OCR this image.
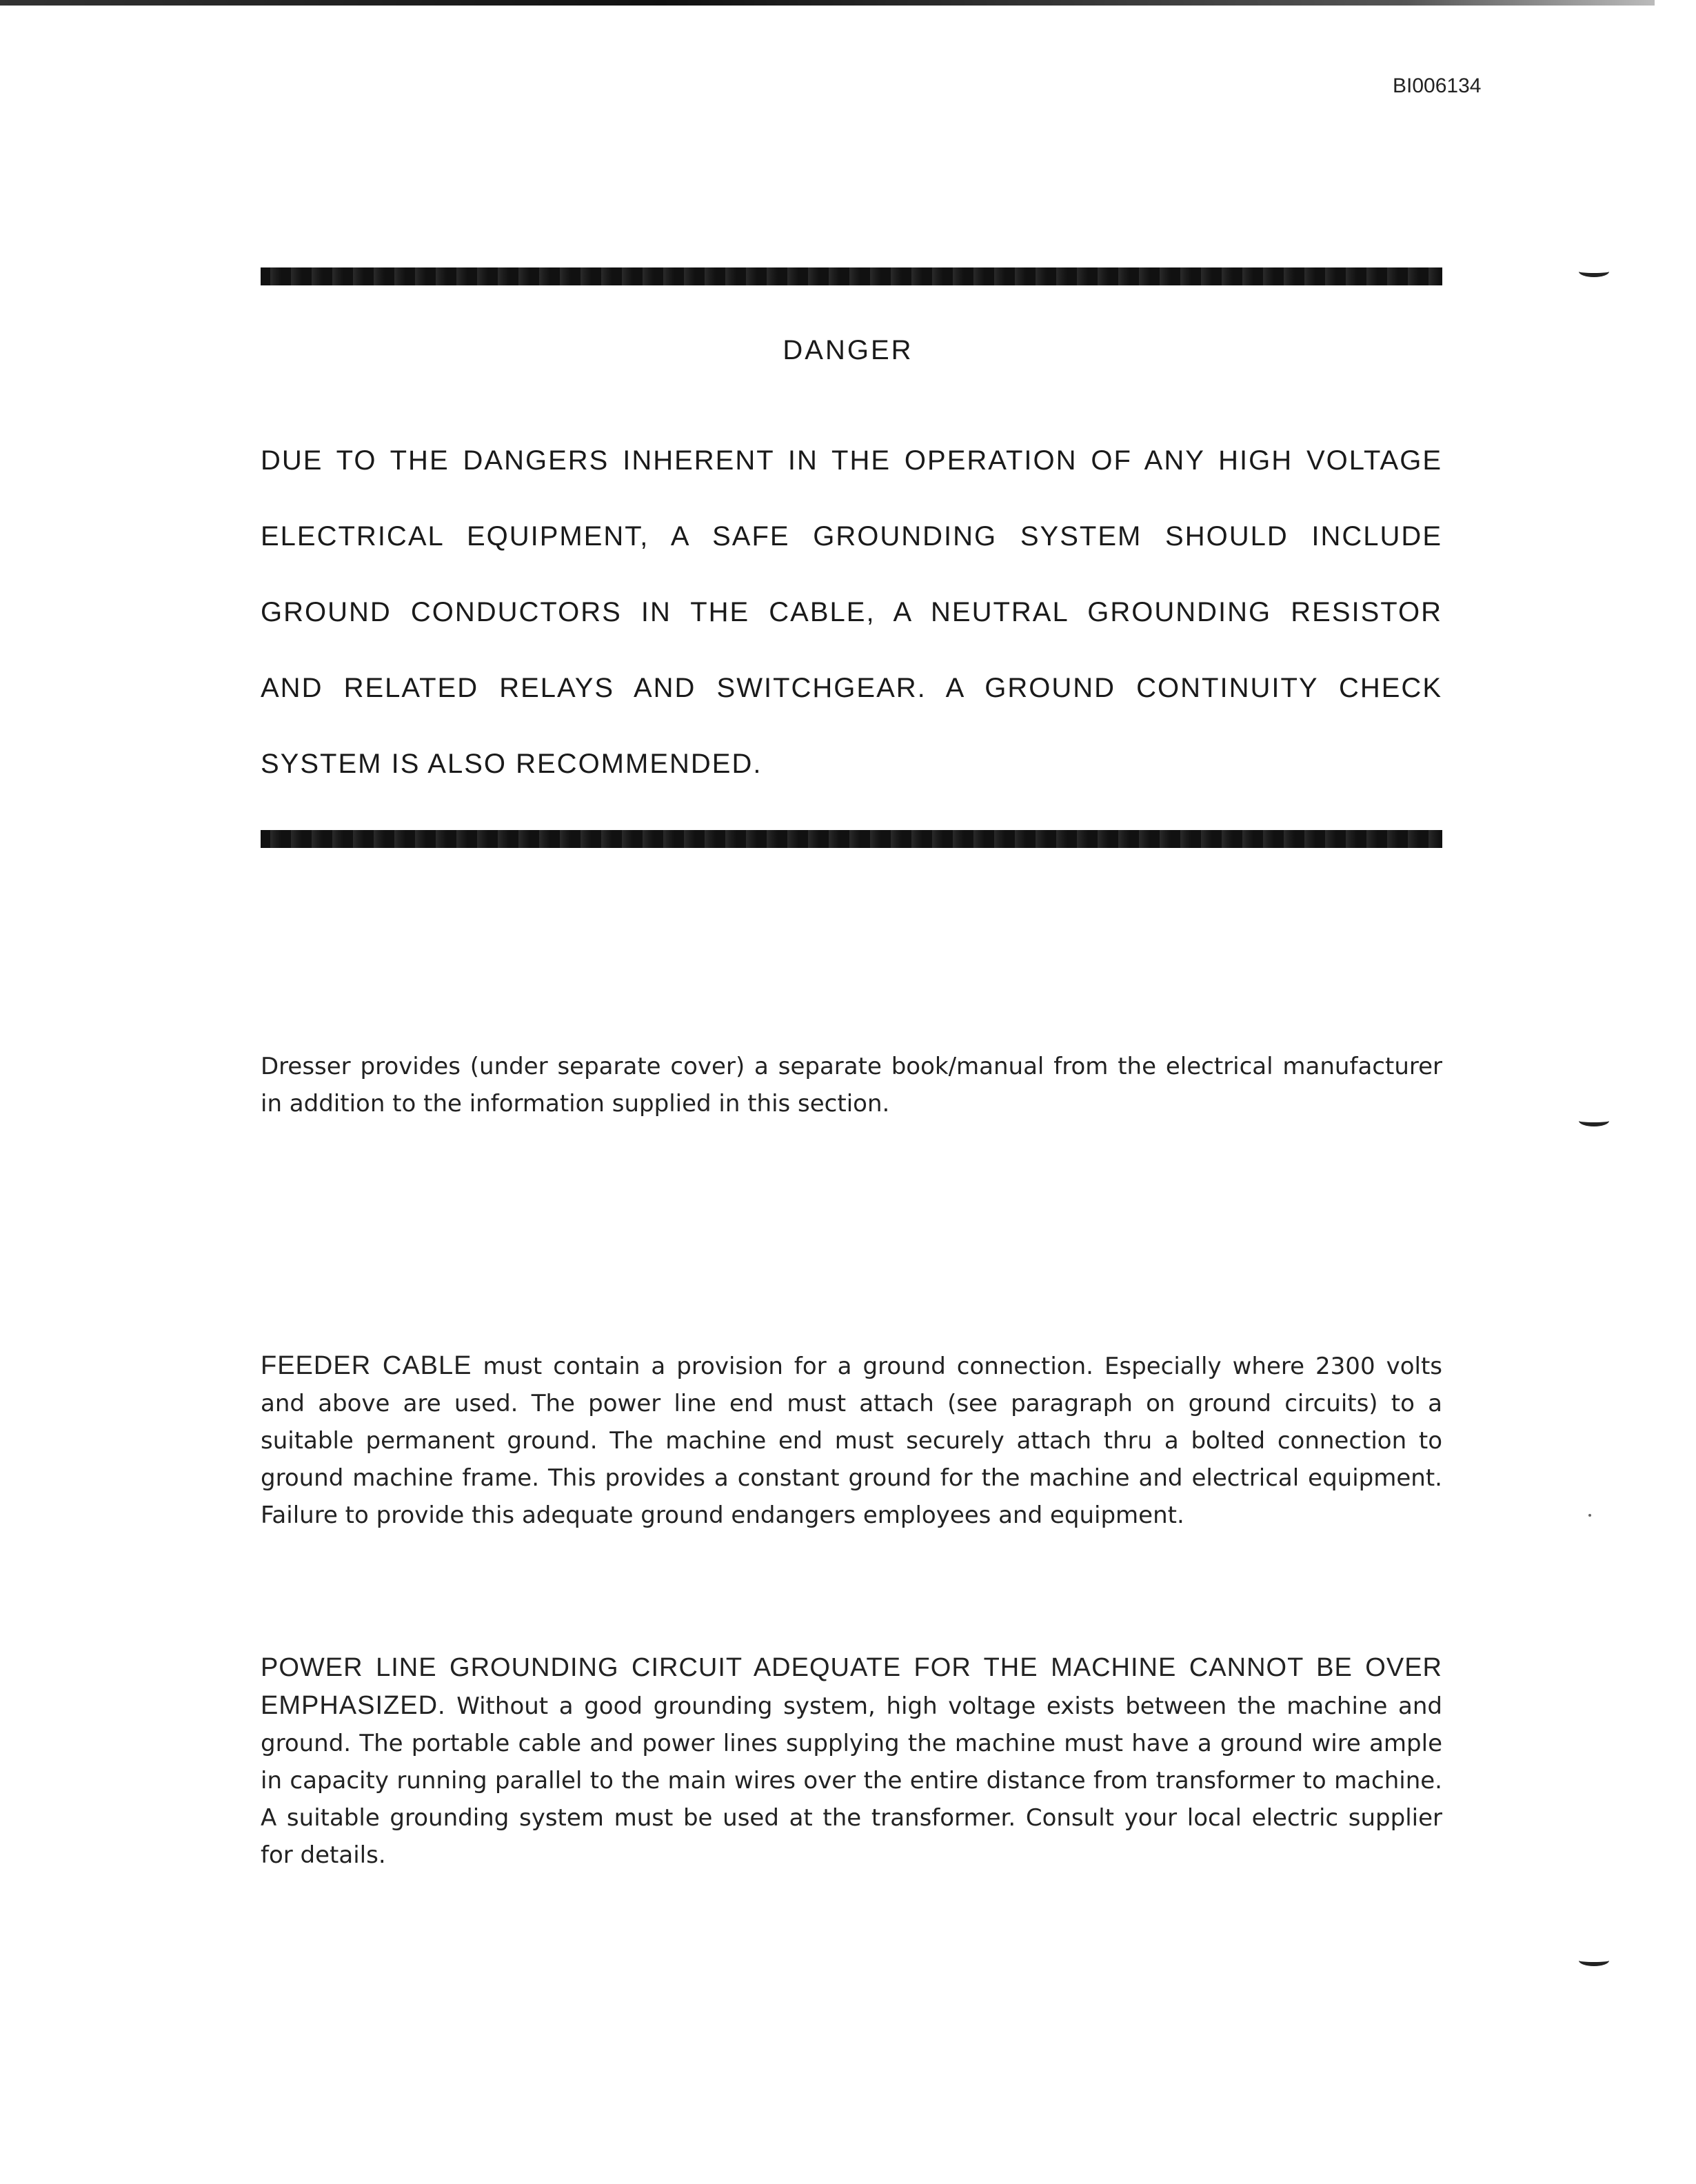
BI006134
DANGER
DUE TO THE DANGERS INHERENT IN THE OPERATION OF ANY HIGH VOLTAGE
ELECTRICAL EQUIPMENT, A SAFE GROUNDING SYSTEM SHOULD INCLUDE
GROUND CONDUCTORS IN THE CABLE, A NEUTRAL GROUNDING RESISTOR
AND RELATED RELAYS AND SWITCHGEAR. A GROUND CONTINUITY CHECK
SYSTEM IS ALSO RECOMMENDED.

Dresser provides (under separate cover) a separate book/manual from the electrical manufacturer in addition to the information supplied in this section.

FEEDER CABLE must contain a provision for a ground connection. Especially where 2300 volts and above are used. The power line end must attach (see paragraph on ground circuits) to a suitable permanent ground. The machine end must securely attach thru a bolted connection to ground machine frame. This provides a constant ground for the machine and electrical equipment. Failure to provide this adequate ground endangers employees and equipment.

POWER LINE GROUNDING CIRCUIT ADEQUATE FOR THE MACHINE CANNOT BE OVER EMPHASIZED. Without a good grounding system, high voltage exists between the machine and ground. The portable cable and power lines supplying the machine must have a ground wire ample in capacity running parallel to the main wires over the entire distance from transformer to machine. A suitable grounding system must be used at the transformer. Consult your local electric supplier for details.
